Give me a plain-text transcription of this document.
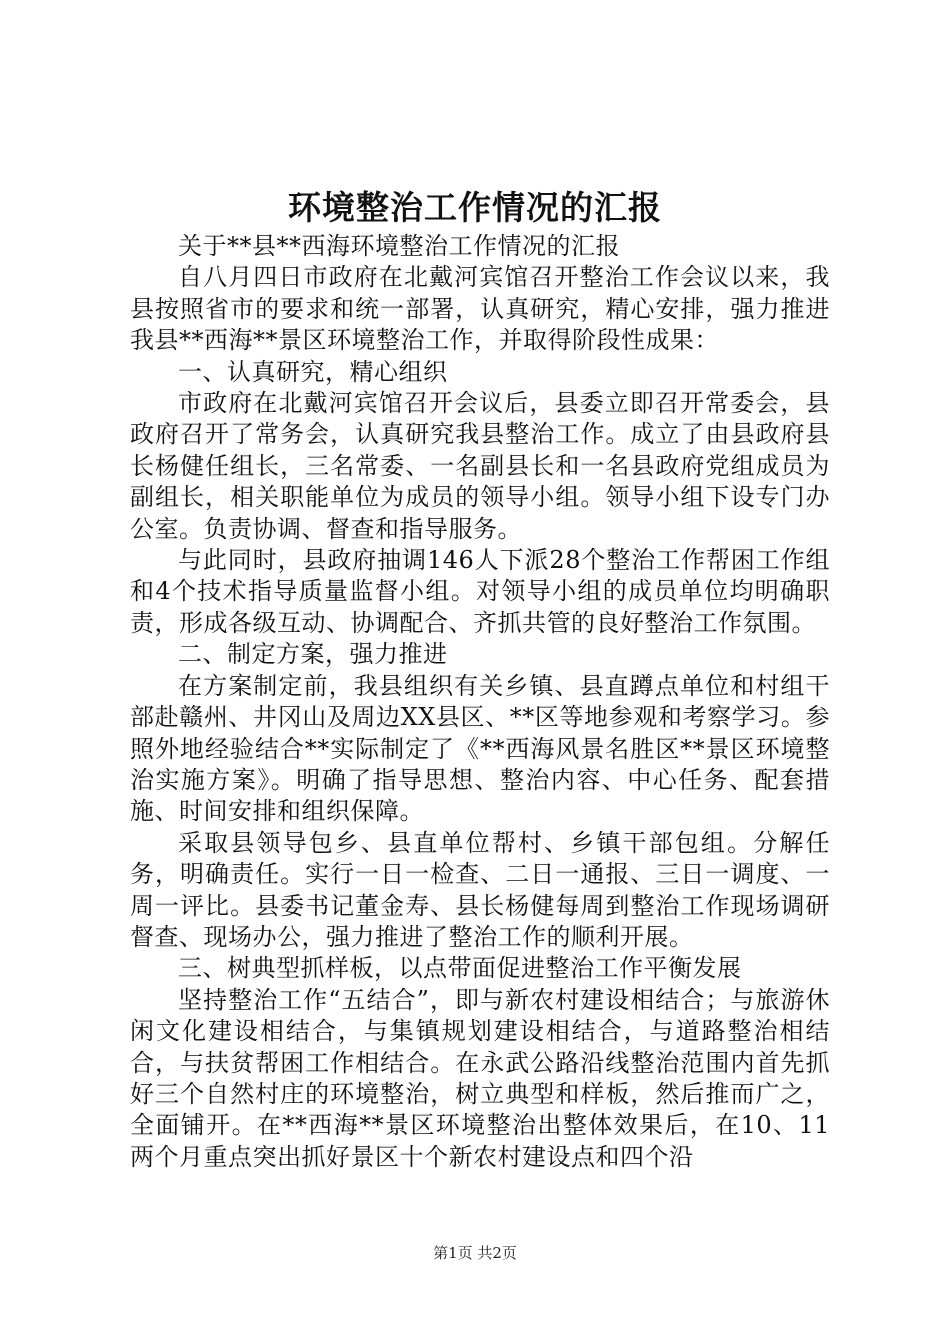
环境整治工作情况的汇报

关于**县**西海环境整治工作情况的汇报

自八月四日市政府在北戴河宾馆召开整治工作会议以来，我县按照省市的要求和统一部署，认真研究，精心安排，强力推进我县**西海**景区环境整治工作，并取得阶段性成果：

一、认真研究，精心组织

市政府在北戴河宾馆召开会议后，县委立即召开常委会，县政府召开了常务会，认真研究我县整治工作。成立了由县政府县长杨健任组长，三名常委、一名副县长和一名县政府党组成员为副组长，相关职能单位为成员的领导小组。领导小组下设专门办公室。负责协调、督查和指导服务。

与此同时，县政府抽调146人下派28个整治工作帮困工作组和4个技术指导质量监督小组。对领导小组的成员单位均明确职责，形成各级互动、协调配合、齐抓共管的良好整治工作氛围。

二、制定方案，强力推进

在方案制定前，我县组织有关乡镇、县直蹲点单位和村组干部赴赣州、井冈山及周边XX县区、**区等地参观和考察学习。参照外地经验结合**实际制定了《**西海风景名胜区**景区环境整治实施方案》。明确了指导思想、整治内容、中心任务、配套措施、时间安排和组织保障。

采取县领导包乡、县直单位帮村、乡镇干部包组。分解任务，明确责任。实行一日一检查、二日一通报、三日一调度、一周一评比。县委书记董金寿、县长杨健每周到整治工作现场调研督查、现场办公，强力推进了整治工作的顺利开展。

三、树典型抓样板，以点带面促进整治工作平衡发展

坚持整治工作“五结合”，即与新农村建设相结合；与旅游休闲文化建设相结合，与集镇规划建设相结合，与道路整治相结合，与扶贫帮困工作相结合。在永武公路沿线整治范围内首先抓好三个自然村庄的环境整治，树立典型和样板，然后推而广之，全面铺开。在**西海**景区环境整治出整体效果后，在10、11两个月重点突出抓好景区十个新农村建设点和四个沿

第1页 共2页
